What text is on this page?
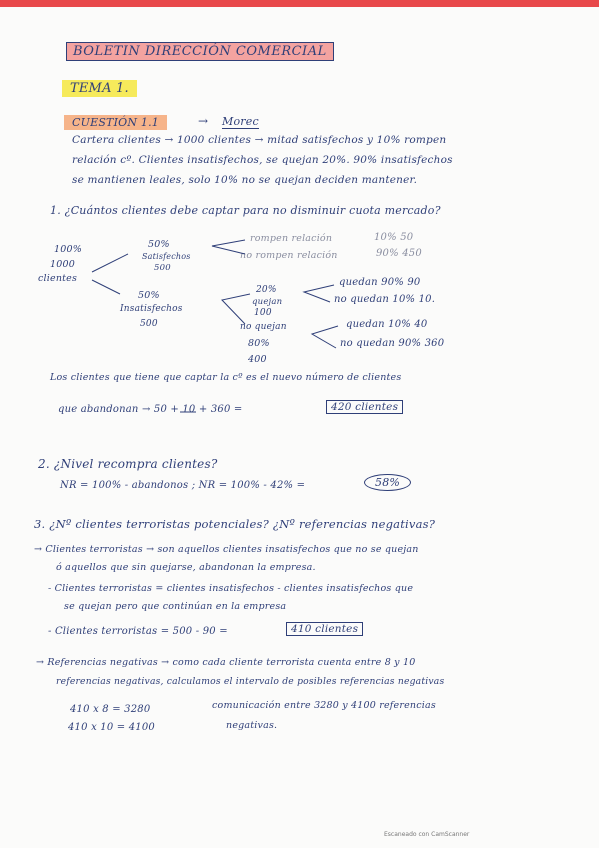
BOLETIN DIRECCIÓN COMERCIAL
TEMA 1.
CUESTIÓN 1.1	→ Morec
Cartera clientes → 1000 clientes → mitad satisfechos y 10% rompen
relación cº. Clientes insatisfechos, se quejan 20%. 90% insatisfechos
se mantienen leales, solo 10% no se quejan deciden mantener.
1. ¿Cuántos clientes debe captar para no disminuir cuota mercado?
100%
1000
clientes
50%
Satisfechos
500
rompen relación	10% 50
no rompen relación	90% 450
50%
Insatisfechos
500
20%
quejan
100
quedan 90% 90
no quedan 10% 10.
no quejan
80%
400
quedan 10% 40
no quedan 90% 360
Los clientes que tiene que captar la cº es el nuevo número de clientes
que abandonan → 50 + 10 + 360 =	420 clientes
2. ¿Nivel recompra clientes?
NR = 100% - abandonos ; NR = 100% - 42% =	58%
3. ¿Nº clientes terroristas potenciales? ¿Nº referencias negativas?
→ Clientes terroristas → son aquellos clientes insatisfechos que no se quejan
ó aquellos que sin quejarse, abandonan la empresa.
- Clientes terroristas = clientes insatisfechos - clientes insatisfechos que
se quejan pero que continúan en la empresa
- Clientes terroristas = 500 - 90 =	410 clientes
→ Referencias negativas → como cada cliente terrorista cuenta entre 8 y 10
referencias negativas, calculamos el intervalo de posibles referencias negativas
410 x 8 = 3280
410 x 10 = 4100
comunicación entre 3280 y 4100 referencias
negativas.
Escaneado con CamScanner
